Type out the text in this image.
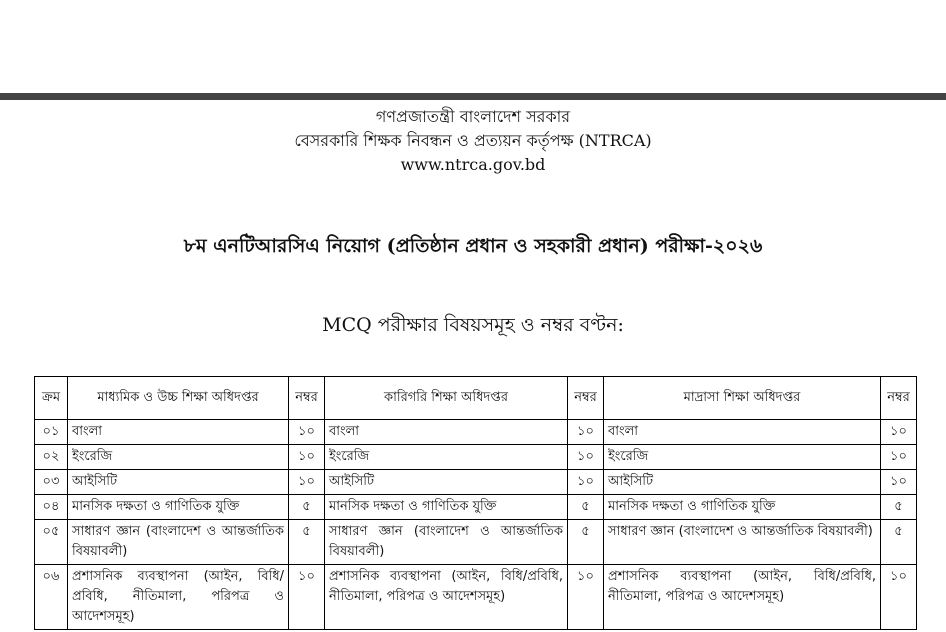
গণপ্রজাতন্ত্রী বাংলাদেশ সরকার
বেসরকারি শিক্ষক নিবন্ধন ও প্রত্যয়ন কর্তৃপক্ষ (NTRCA)
www.ntrca.gov.bd
৮ম এনটিআরসিএ নিয়োগ (প্রতিষ্ঠান প্রধান ও সহকারী প্রধান) পরীক্ষা-২০২৬
MCQ পরীক্ষার বিষয়সমূহ ও নম্বর বণ্টন:
ক্রম	মাধ্যমিক ও উচ্চ শিক্ষা অধিদপ্তর	নম্বর	কারিগরি শিক্ষা অধিদপ্তর	নম্বর	মাদ্রাসা শিক্ষা অধিদপ্তর	নম্বর
০১	বাংলা	১০	বাংলা	১০	বাংলা	১০
০২	ইংরেজি	১০	ইংরেজি	১০	ইংরেজি	১০
০৩	আইসিটি	১০	আইসিটি	১০	আইসিটি	১০
০৪	মানসিক দক্ষতা ও গাণিতিক যুক্তি	৫	মানসিক দক্ষতা ও গাণিতিক যুক্তি	৫	মানসিক দক্ষতা ও গাণিতিক যুক্তি	৫
০৫	সাধারণ জ্ঞান (বাংলাদেশ ও আন্তর্জাতিক বিষয়াবলী)	৫	সাধারণ জ্ঞান (বাংলাদেশ ও আন্তর্জাতিক বিষয়াবলী)	৫	সাধারণ জ্ঞান (বাংলাদেশ ও আন্তর্জাতিক বিষয়াবলী)	৫
০৬	প্রশাসনিক ব্যবস্থাপনা (আইন, বিধি/প্রবিধি, নীতিমালা, পরিপত্র ও আদেশসমূহ)	১০	প্রশাসনিক ব্যবস্থাপনা (আইন, বিধি/প্রবিধি, নীতিমালা, পরিপত্র ও আদেশসমূহ)	১০	প্রশাসনিক ব্যবস্থাপনা (আইন, বিধি/প্রবিধি, নীতিমালা, পরিপত্র ও আদেশসমূহ)	১০
